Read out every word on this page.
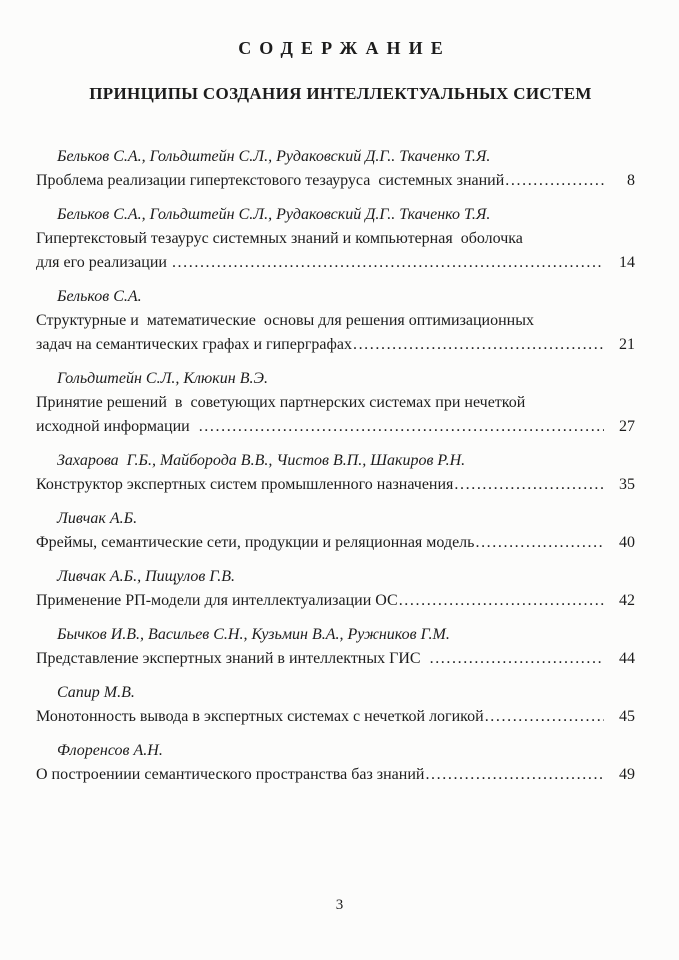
СОДЕРЖАНИЕ
ПРИНЦИПЫ СОЗДАНИЯ ИНТЕЛЛЕКТУАЛЬНЫХ СИСТЕМ
Бельков С.А., Гольдштейн С.Л., Рудаковский Д.Г.. Ткаченко Т.Я.
Проблема реализации гипертекстового тезауруса  системных знаний .....	8
Бельков С.А., Гольдштейн С.Л., Рудаковский Д.Г.. Ткаченко Т.Я.
Гипертекстовый тезаурус системных знаний и компьютерная  оболочка
для его реализации .....	14
Бельков С.А.
Структурные и  математические  основы для решения оптимизационных
задач на семантических графах и гиперграфах .....	21
Гольдштейн С.Л., Клюкин В.Э.
Принятие решений  в  советующих партнерских системах при нечеткой
исходной информации .....	27
Захарова  Г.Б., Майборода В.В., Чистов В.П., Шакиров Р.Н.
Конструктор экспертных систем промышленного назначения .....	35
Ливчак А.Б.
Фреймы, семантические сети, продукции и реляционная модель .....	40
Ливчак А.Б., Пищулов Г.В.
Применение РП-модели для интеллектуализации ОС .....	42
Бычков И.В., Васильев С.Н., Кузьмин В.А., Ружников Г.М.
Представление экспертных знаний в интеллектных ГИС .....	44
Сапир М.В.
Монотонность вывода в экспертных системах с нечеткой логикой .....	45
Флоренсов А.Н.
О построениии семантического пространства баз знаний .....	49
3
